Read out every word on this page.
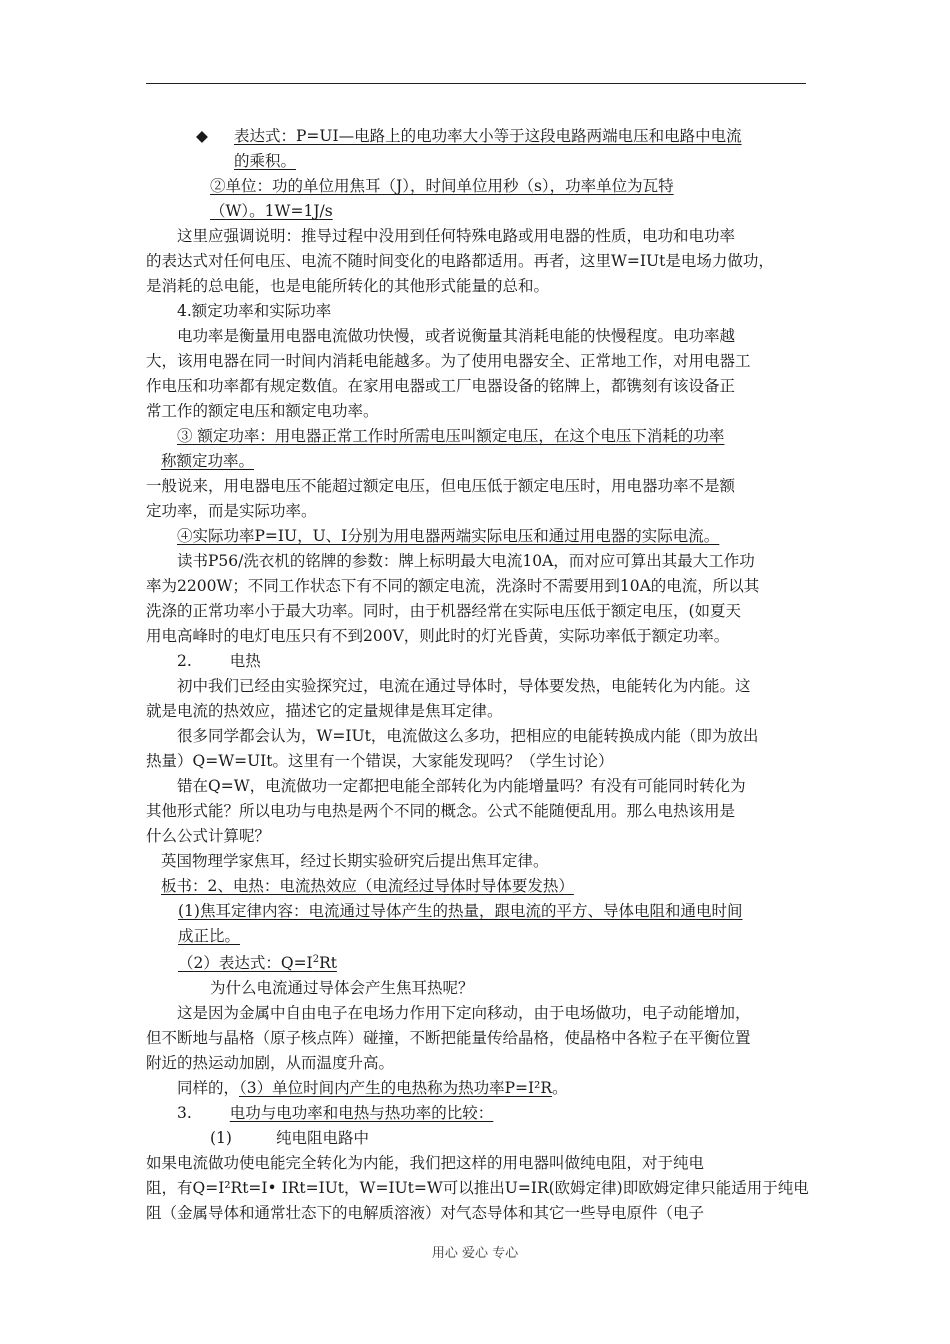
◆	表达式：P=UI—电路上的电功率大小等于这段电路两端电压和电路中电流

的乘积。

②单位：功的单位用焦耳（J），时间单位用秒（s），功率单位为瓦特

（W）。1W=1J/s

这里应强调说明：推导过程中没用到任何特殊电路或用电器的性质，电功和电功率

的表达式对任何电压、电流不随时间变化的电路都适用。再者，这里W=IUt是电场力做功，

是消耗的总电能，也是电能所转化的其他形式能量的总和。

4.额定功率和实际功率

电功率是衡量用电器电流做功快慢，或者说衡量其消耗电能的快慢程度。电功率越

大，该用电器在同一时间内消耗电能越多。为了使用电器安全、正常地工作，对用电器工

作电压和功率都有规定数值。在家用电器或工厂电器设备的铭牌上，都镌刻有该设备正

常工作的额定电压和额定电功率。

③ 额定功率：用电器正常工作时所需电压叫额定电压，在这个电压下消耗的功率

称额定功率。

一般说来，用电器电压不能超过额定电压，但电压低于额定电压时，用电器功率不是额

定功率，而是实际功率。

④实际功率P=IU，U、I分别为用电器两端实际电压和通过用电器的实际电流。

读书P56/洗衣机的铭牌的参数：牌上标明最大电流10A，而对应可算出其最大工作功

率为2200W；不同工作状态下有不同的额定电流，洗涤时不需要用到10A的电流，所以其

洗涤的正常功率小于最大功率。同时，由于机器经常在实际电压低于额定电压，(如夏天

用电高峰时的电灯电压只有不到200V，则此时的灯光昏黄，实际功率低于额定功率。

2. 电热

初中我们已经由实验探究过，电流在通过导体时，导体要发热，电能转化为内能。这

就是电流的热效应，描述它的定量规律是焦耳定律。

很多同学都会认为，W=IUt，电流做这么多功，把相应的电能转换成内能（即为放出

热量）Q=W=UIt。这里有一个错误，大家能发现吗？（学生讨论）

错在Q=W，电流做功一定都把电能全部转化为内能增量吗？有没有可能同时转化为

其他形式能？所以电功与电热是两个不同的概念。公式不能随便乱用。那么电热该用是

什么公式计算呢？

英国物理学家焦耳，经过长期实验研究后提出焦耳定律。

板书：2、电热：电流热效应（电流经过导体时导体要发热）

(1)焦耳定律内容：电流通过导体产生的热量，跟电流的平方、导体电阻和通电时间

成正比。

（2）表达式：$Q=I^2Rt$

为什么电流通过导体会产生焦耳热呢？

这是因为金属中自由电子在电场力作用下定向移动，由于电场做功，电子动能增加，

但不断地与晶格（原子核点阵）碰撞，不断把能量传给晶格，使晶格中各粒子在平衡位置

附近的热运动加剧，从而温度升高。

同样的，（3）单位时间内产生的电热称为热功率P=I²R。

3. 电功与电功率和电热与热功率的比较：

(1)	纯电阻电路中

如果电流做功使电能完全转化为内能，我们把这样的用电器叫做纯电阻，对于纯电

阻，有Q=I²Rt=I• IRt=IUt，W=IUt=W可以推出U=IR(欧姆定律)即欧姆定律只能适用于纯电

阻（金属导体和通常壮态下的电解质溶液）对气态导体和其它一些导电原件（电子

用心 爱心 专心
